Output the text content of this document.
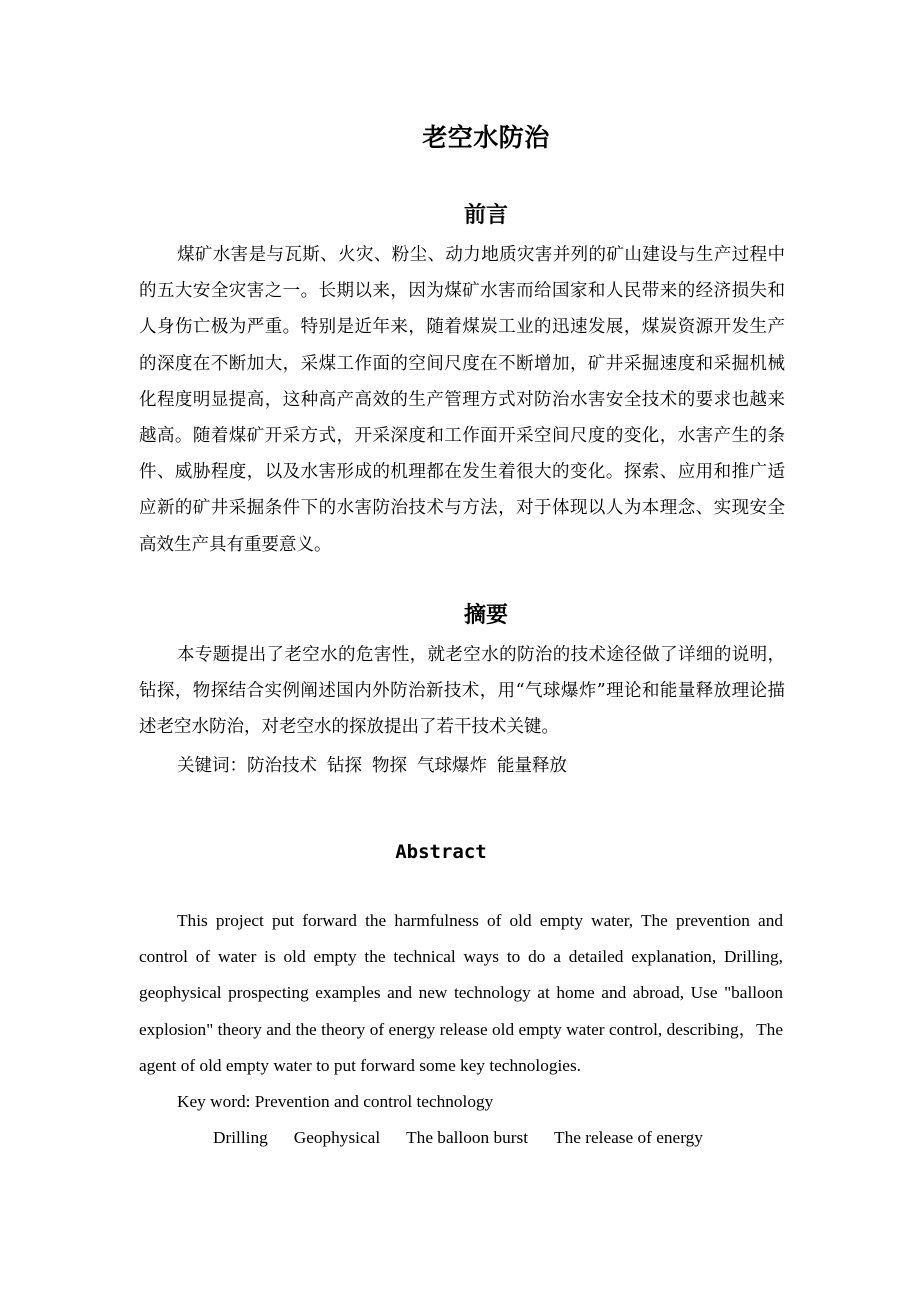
老空水防治
前言

煤矿水害是与瓦斯、火灾、粉尘、动力地质灾害并列的矿山建设与生产过程中的五大安全灾害之一。长期以来，因为煤矿水害而给国家和人民带来的经济损失和人身伤亡极为严重。特别是近年来，随着煤炭工业的迅速发展，煤炭资源开发生产的深度在不断加大，采煤工作面的空间尺度在不断增加，矿井采掘速度和采掘机械化程度明显提高，这种高产高效的生产管理方式对防治水害安全技术的要求也越来越高。随着煤矿开采方式，开采深度和工作面开采空间尺度的变化，水害产生的条件、威胁程度，以及水害形成的机理都在发生着很大的变化。探索、应用和推广适应新的矿井采掘条件下的水害防治技术与方法，对于体现以人为本理念、实现安全高效生产具有重要意义。

摘要

本专题提出了老空水的危害性，就老空水的防治的技术途径做了详细的说明，钻探，物探结合实例阐述国内外防治新技术，用“气球爆炸”理论和能量释放理论描述老空水防治，对老空水的探放提出了若干技术关键。

关键词：防治技术 钻探 物探 气球爆炸 能量释放
Abstract

This project put forward the harmfulness of old empty water, The prevention and control of water is old empty the technical ways to do a detailed explanation, Drilling, geophysical prospecting examples and new technology at home and abroad, Use "balloon explosion" theory and the theory of energy release old empty water control, describing，The agent of old empty water to put forward some key technologies.

Key word: Prevention and control technology
Drilling Geophysical The balloon burst The release of energy
